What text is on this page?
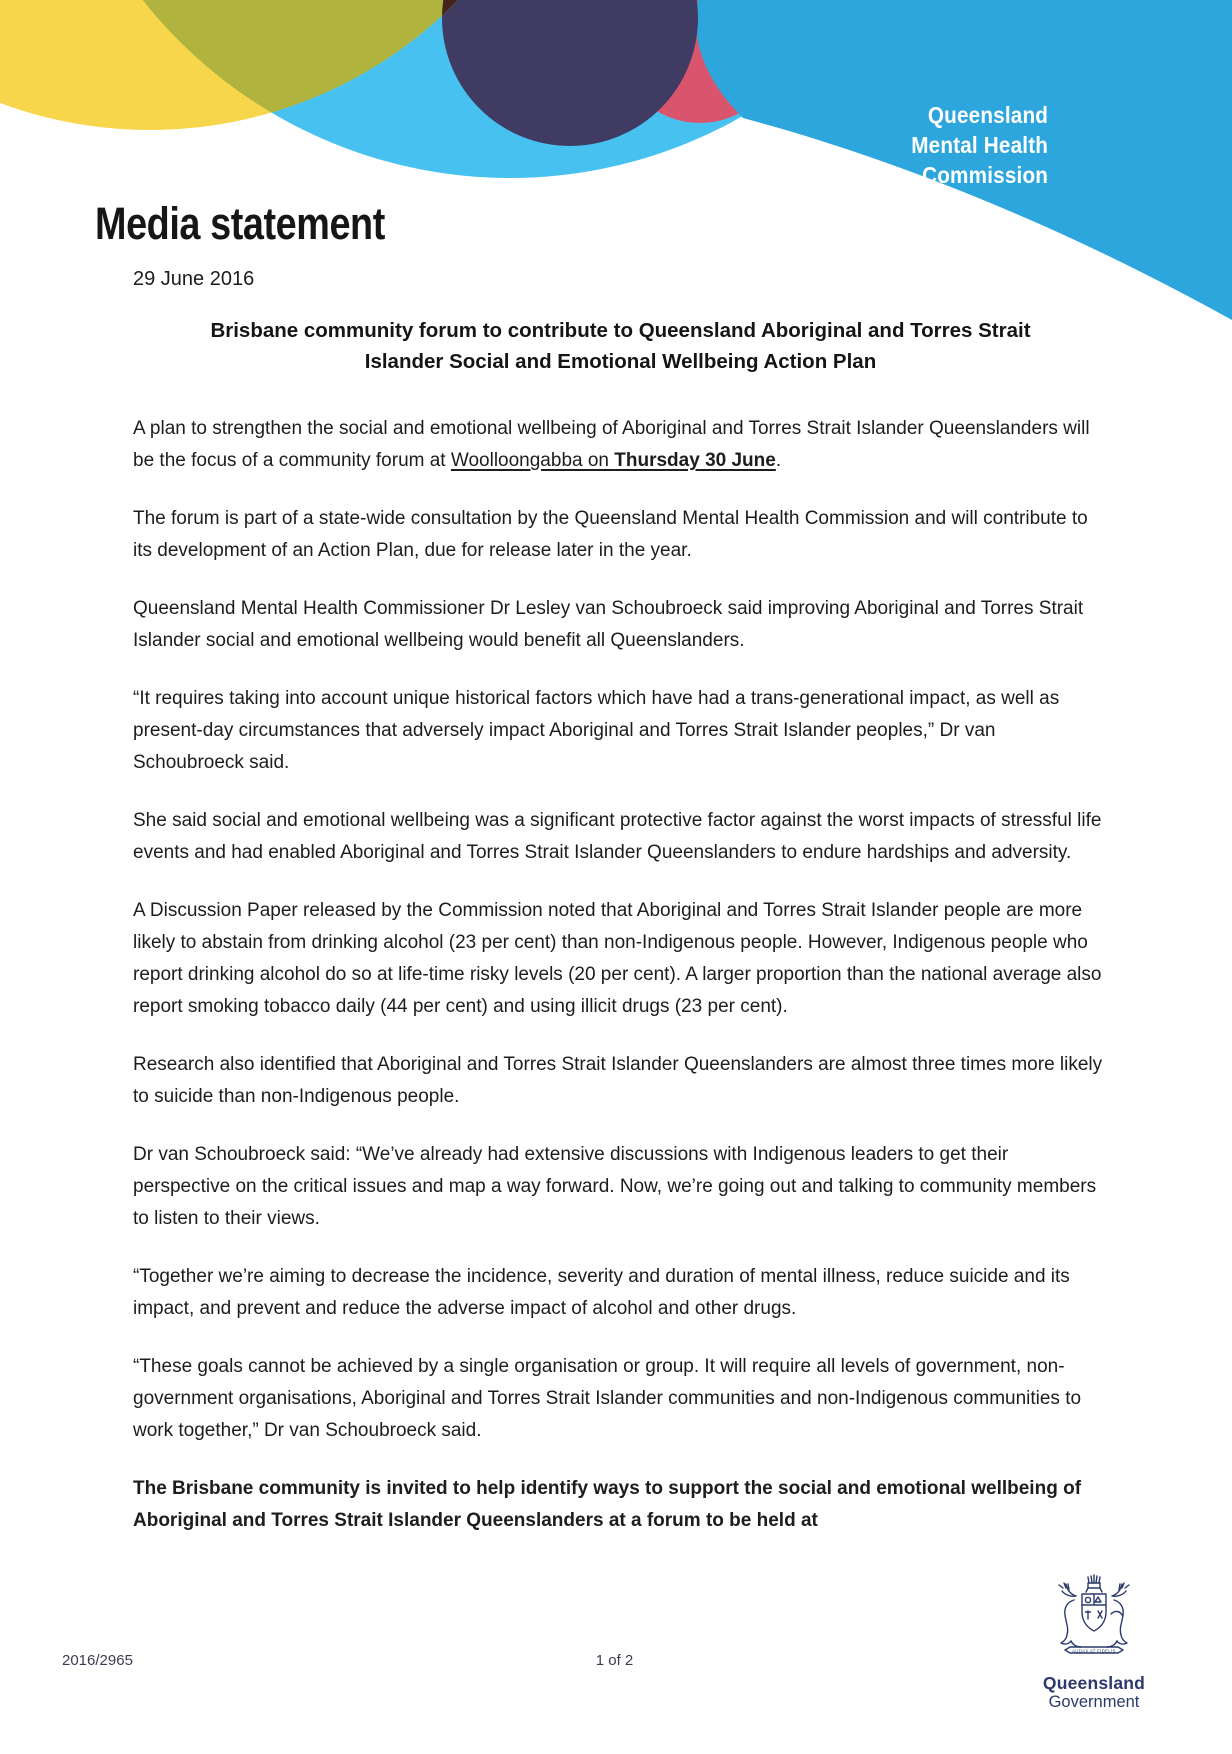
Queensland
Mental Health
Commission
Media statement

29 June 2016

Brisbane community forum to contribute to Queensland Aboriginal and Torres Strait Islander Social and Emotional Wellbeing Action Plan

A plan to strengthen the social and emotional wellbeing of Aboriginal and Torres Strait Islander Queenslanders will be the focus of a community forum at Woolloongabba on Thursday 30 June.

The forum is part of a state-wide consultation by the Queensland Mental Health Commission and will contribute to its development of an Action Plan, due for release later in the year.

Queensland Mental Health Commissioner Dr Lesley van Schoubroeck said improving Aboriginal and Torres Strait Islander social and emotional wellbeing would benefit all Queenslanders.

“It requires taking into account unique historical factors which have had a trans-generational impact, as well as present-day circumstances that adversely impact Aboriginal and Torres Strait Islander peoples,” Dr van Schoubroeck said.

She said social and emotional wellbeing was a significant protective factor against the worst impacts of stressful life events and had enabled Aboriginal and Torres Strait Islander Queenslanders to endure hardships and adversity.

A Discussion Paper released by the Commission noted that Aboriginal and Torres Strait Islander people are more likely to abstain from drinking alcohol (23 per cent) than non-Indigenous people. However, Indigenous people who report drinking alcohol do so at life-time risky levels (20 per cent). A larger proportion than the national average also report smoking tobacco daily (44 per cent) and using illicit drugs (23 per cent).

Research also identified that Aboriginal and Torres Strait Islander Queenslanders are almost three times more likely to suicide than non-Indigenous people.

Dr van Schoubroeck said: “We’ve already had extensive discussions with Indigenous leaders to get their perspective on the critical issues and map a way forward. Now, we’re going out and talking to community members to listen to their views.

“Together we’re aiming to decrease the incidence, severity and duration of mental illness, reduce suicide and its impact, and prevent and reduce the adverse impact of alcohol and other drugs.

“These goals cannot be achieved by a single organisation or group. It will require all levels of government, non-government organisations, Aboriginal and Torres Strait Islander communities and non-Indigenous communities to work together,” Dr van Schoubroeck said.

The Brisbane community is invited to help identify ways to support the social and emotional wellbeing of Aboriginal and Torres Strait Islander Queenslanders at a forum to be held at

2016/2965	1 of 2
AUDAX AT FIDELIS
Queensland
Government
